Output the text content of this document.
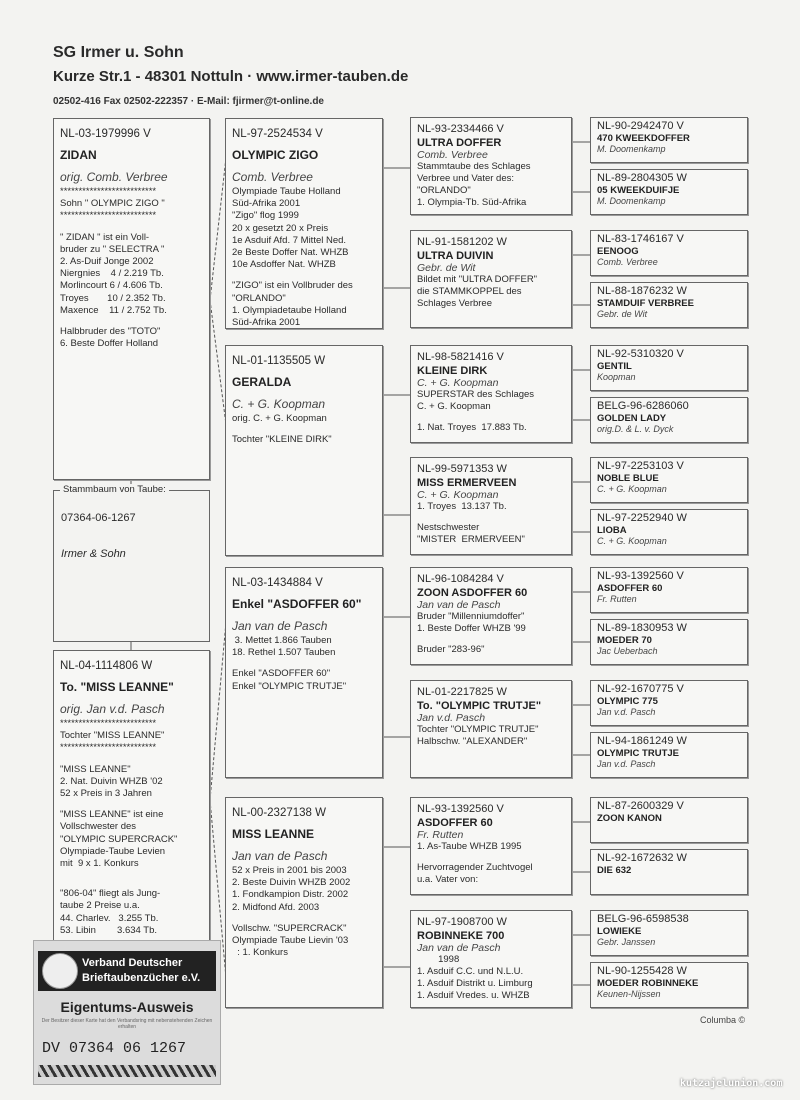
SG Irmer u. Sohn
Kurze Str.1 - 48301 Nottuln · www.irmer-tauben.de
02502-416 Fax 02502-222357 · E-Mail: fjirmer@t-online.de
NL-03-1979996 V
ZIDAN
orig. Comb. Verbree
**************************
Sohn " OLYMPIC ZIGO "
**************************
" ZIDAN " ist ein Voll-
bruder zu " SELECTRA "
2. As-Duif Jonge 2002
Niergnies    4 / 2.219 Tb.
Morlincourt 6 / 4.606 Tb.
Troyes       10 / 2.352 Tb.
Maxence    11 / 2.752 Tb.
Halbbruder des "TOTO"
6. Beste Doffer Holland
NL-04-1114806 W
To. "MISS LEANNE"
orig. Jan v.d. Pasch
**************************
Tochter "MISS LEANNE"
**************************
"MISS LEANNE"
2. Nat. Duivin WHZB '02
52 x Preis in 3 Jahren
"MISS LEANNE" ist eine
Vollschwester des
"OLYMPIC SUPERCRACK"
Olympiade-Taube Levien
mit  9 x 1. Konkurs
"806-04" fliegt als Jung-
taube 2 Preise u.a.
44. Charlev.   3.255 Tb.
53. Libin        3.634 Tb.
NL-97-2524534 V
OLYMPIC ZIGO
Comb. Verbree
Olympiade Taube Holland
Süd-Afrika 2001
"Zigo" flog 1999
20 x gesetzt 20 x Preis
1e Asduif Afd. 7 Mittel Ned.
2e Beste Doffer Nat. WHZB
10e Asdoffer Nat. WHZB
"ZIGO" ist ein Vollbruder des
"ORLANDO"
1. Olympiadetaube Holland
Süd-Afrika 2001
NL-01-1135505 W
GERALDA
C. + G. Koopman
orig. C. + G. Koopman
Tochter "KLEINE DIRK"
NL-03-1434884 V
Enkel "ASDOFFER 60"
Jan van de Pasch
3. Mettet 1.866 Tauben
18. Rethel 1.507 Tauben
Enkel "ASDOFFER 60"
Enkel "OLYMPIC TRUTJE"
NL-00-2327138 W
MISS LEANNE
Jan van de Pasch
52 x Preis in 2001 bis 2003
2. Beste Duivin WHZB 2002
1. Fondkampion Distr. 2002
2. Midfond Afd. 2003
Vollschw. "SUPERCRACK"
Olympiade Taube Lievin '03
: 1. Konkurs
NL-93-2334466 V
ULTRA DOFFER
Comb. Verbree
Stammtaube des Schlages
Verbree und Vater des:
"ORLANDO"
1. Olympia-Tb. Süd-Afrika
NL-91-1581202 W
ULTRA DUIVIN
Gebr. de Wit
Bildet mit "ULTRA DOFFER"
die STAMMKOPPEL des
Schlages Verbree
NL-98-5821416 V
KLEINE DIRK
C. + G. Koopman
SUPERSTAR des Schlages
C. + G. Koopman
1. Nat. Troyes  17.883 Tb.
NL-99-5971353 W
MISS ERMERVEEN
C. + G. Koopman
1. Troyes  13.137 Tb.
Nestschwester
"MISTER  ERMERVEEN"
NL-96-1084284 V
ZOON ASDOFFER 60
Jan van de Pasch
Bruder "Millenniumdoffer"
1. Beste Doffer WHZB '99
Bruder "283-96"
NL-01-2217825 W
To. "OLYMPIC TRUTJE"
Jan v.d. Pasch
Tochter "OLYMPIC TRUTJE"
Halbschw. "ALEXANDER"
NL-93-1392560 V
ASDOFFER 60
Fr. Rutten
1. As-Taube WHZB 1995
Hervorragender Zuchtvogel
u.a. Vater von:
NL-97-1908700 W
ROBINNEKE 700
Jan van de Pasch
1998
1. Asduif C.C. und N.L.U.
1. Asduif Distrikt u. Limburg
1. Asduif Vredes. u. WHZB
NL-90-2942470 V
470 KWEEKDOFFER
M. Doomenkamp
NL-89-2804305 W
05 KWEEKDUIFJE
M. Doomenkamp
NL-83-1746167 V
EENOOG
Comb. Verbree
NL-88-1876232 W
STAMDUIF VERBREE
Gebr. de Wit
NL-92-5310320 V
GENTIL
Koopman
BELG-96-6286060
GOLDEN LADY
orig.D. & L. v. Dyck
NL-97-2253103 V
NOBLE BLUE
C. + G. Koopman
NL-97-2252940 W
LIOBA
C. + G. Koopman
NL-93-1392560 V
ASDOFFER 60
Fr. Rutten
NL-89-1830953 W
MOEDER 70
Jac Ueberbach
NL-92-1670775 V
OLYMPIC 775
Jan v.d. Pasch
NL-94-1861249 W
OLYMPIC TRUTJE
Jan v.d. Pasch
NL-87-2600329 V
ZOON KANON
NL-92-1672632 W
DIE 632
BELG-96-6598538
LOWIEKE
Gebr. Janssen
NL-90-1255428 W
MOEDER ROBINNEKE
Keunen-Nijssen
Stammbaum von Taube:
07364-06-1267
Irmer & Sohn
Verband Deutscher
Brieftaubenzücher e.V.
Eigentums-Ausweis
Der Besitzer dieser Karte hat den Verbandsring mit nebenstehenden Zeichen erhalten
DV 07364 06 1267
Columba ©
kutzajelunion.com
